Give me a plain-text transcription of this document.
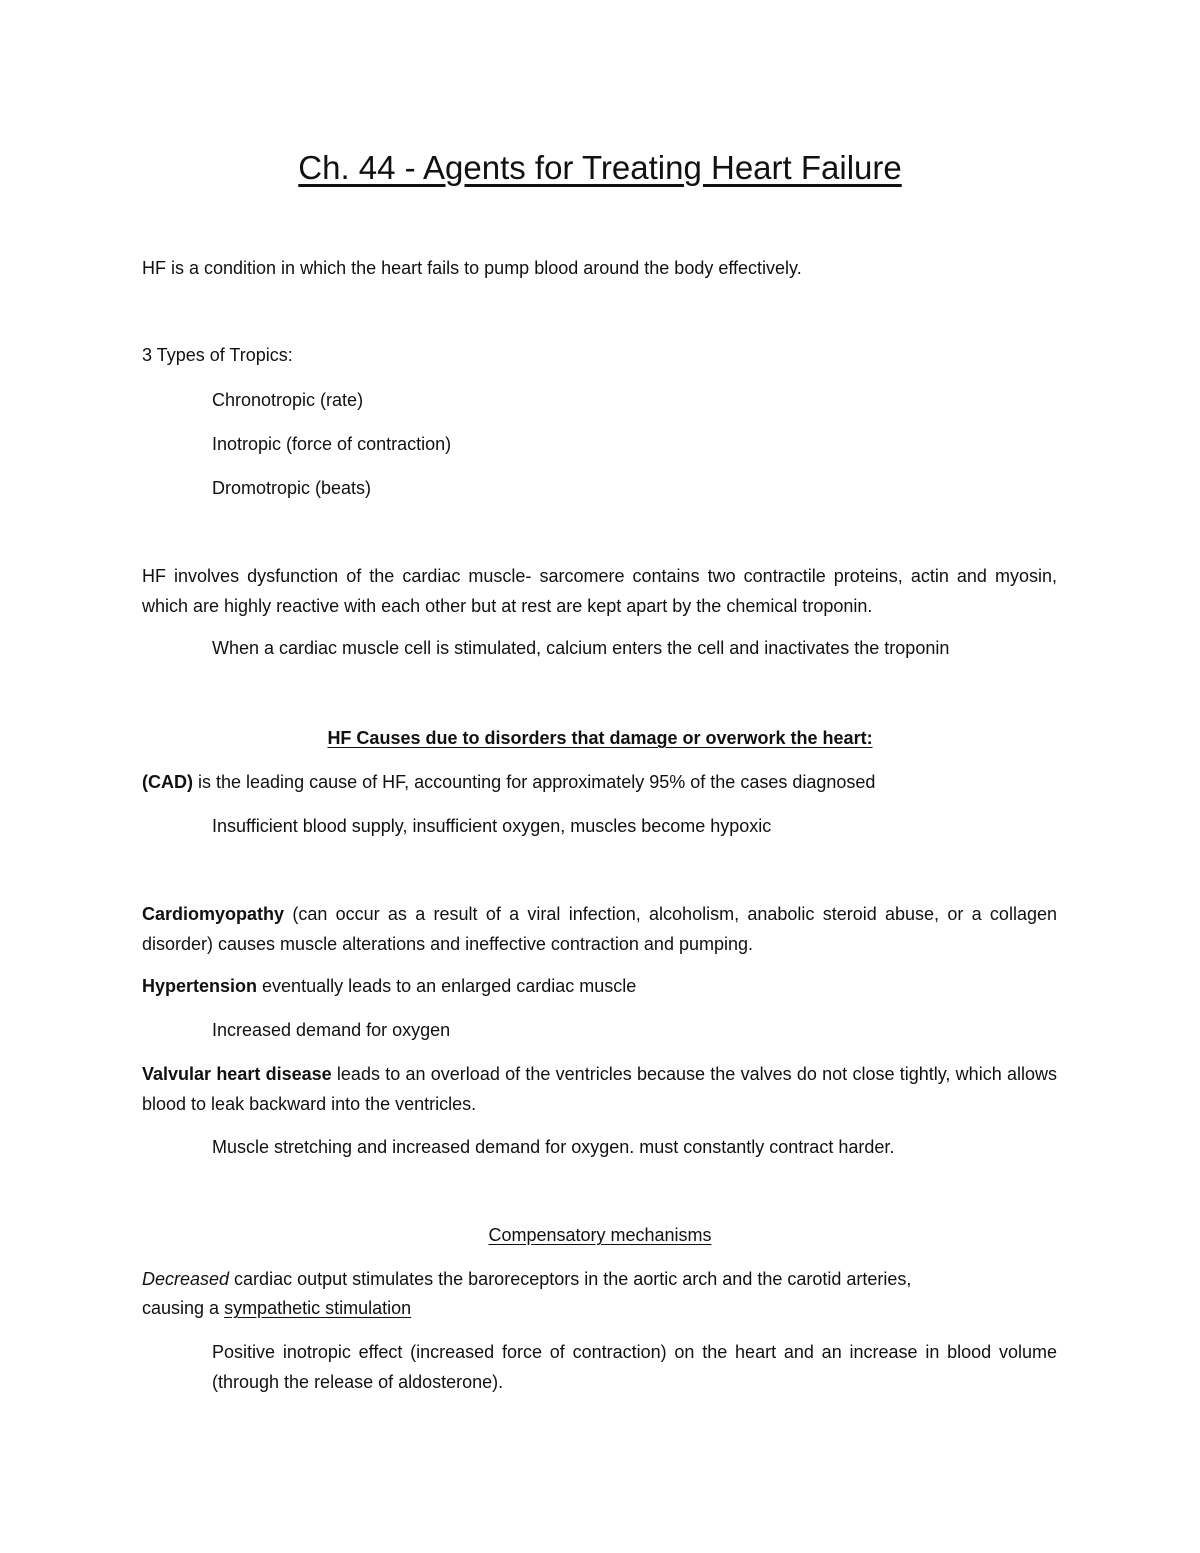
Ch. 44 - Agents for Treating Heart Failure

HF is a condition in which the heart fails to pump blood around the body effectively.

3 Types of Tropics:

Chronotropic (rate)

Inotropic (force of contraction)

Dromotropic (beats)

HF involves dysfunction of the cardiac muscle- sarcomere contains two contractile proteins, actin and myosin, which are highly reactive with each other but at rest are kept apart by the chemical troponin.

When a cardiac muscle cell is stimulated, calcium enters the cell and inactivates the troponin

HF Causes due to disorders that damage or overwork the heart:

(CAD) is the leading cause of HF, accounting for approximately 95% of the cases diagnosed

Insufficient blood supply, insufficient oxygen, muscles become hypoxic

Cardiomyopathy (can occur as a result of a viral infection, alcoholism, anabolic steroid abuse, or a collagen disorder) causes muscle alterations and ineffective contraction and pumping.

Hypertension eventually leads to an enlarged cardiac muscle

Increased demand for oxygen

Valvular heart disease leads to an overload of the ventricles because the valves do not close tightly, which allows blood to leak backward into the ventricles.

Muscle stretching and increased demand for oxygen. must constantly contract harder.

Compensatory mechanisms

Decreased cardiac output stimulates the baroreceptors in the aortic arch and the carotid arteries,

causing a sympathetic stimulation

Positive inotropic effect (increased force of contraction) on the heart and an increase in blood volume (through the release of aldosterone).
